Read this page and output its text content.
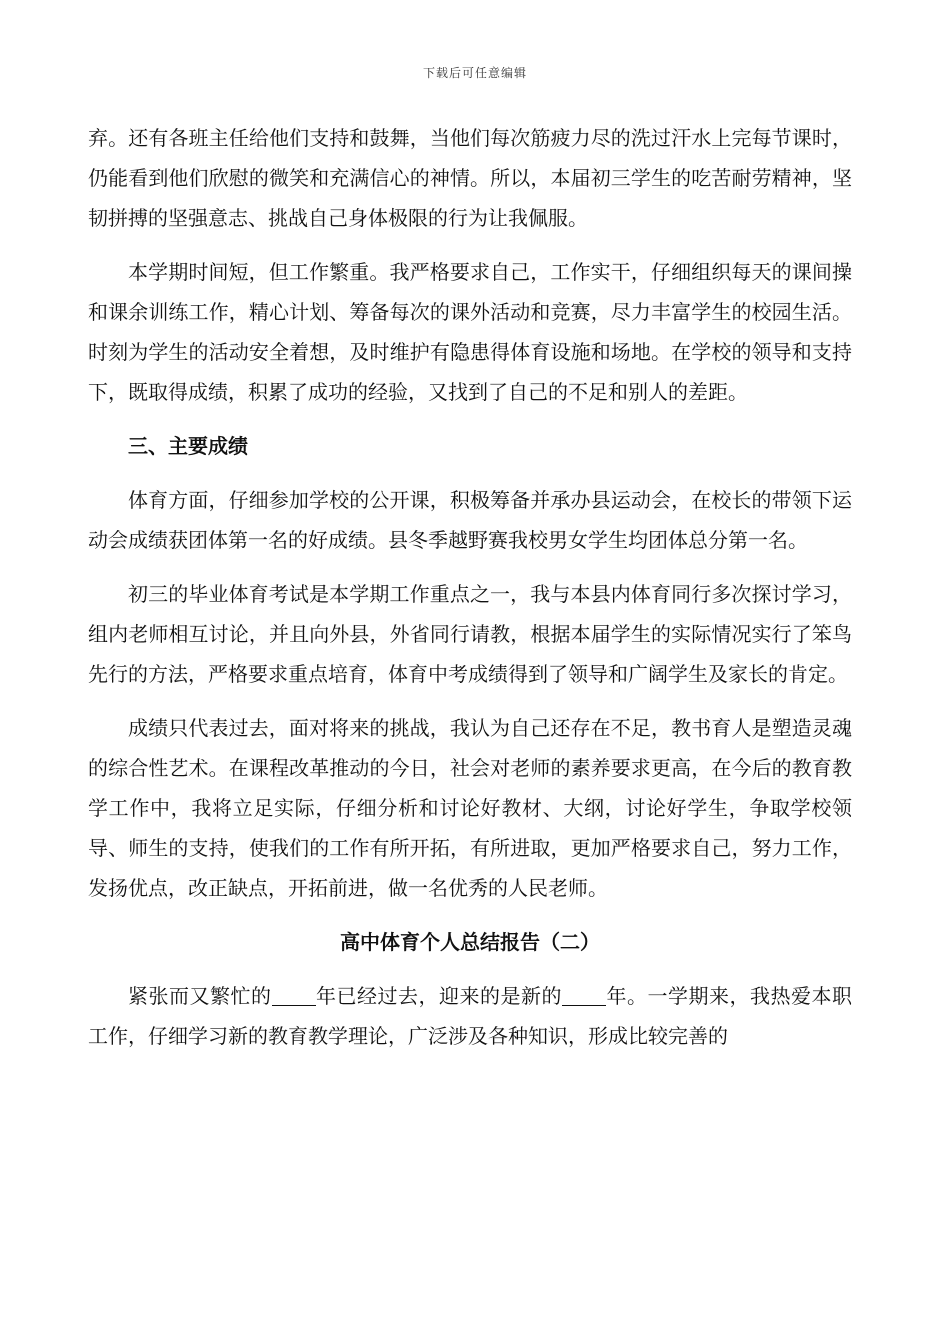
下载后可任意编辑

弃。还有各班主任给他们支持和鼓舞，当他们每次筋疲力尽的洗过汗水上完每节课时，仍能看到他们欣慰的微笑和充满信心的神情。所以，本届初三学生的吃苦耐劳精神，坚韧拼搏的坚强意志、挑战自己身体极限的行为让我佩服。

本学期时间短，但工作繁重。我严格要求自己，工作实干，仔细组织每天的课间操和课余训练工作，精心计划、筹备每次的课外活动和竞赛，尽力丰富学生的校园生活。时刻为学生的活动安全着想，及时维护有隐患得体育设施和场地。在学校的领导和支持下，既取得成绩，积累了成功的经验，又找到了自己的不足和别人的差距。

三、主要成绩

体育方面，仔细参加学校的公开课，积极筹备并承办县运动会，在校长的带领下运动会成绩获团体第一名的好成绩。县冬季越野赛我校男女学生均团体总分第一名。

初三的毕业体育考试是本学期工作重点之一，我与本县内体育同行多次探讨学习，组内老师相互讨论，并且向外县，外省同行请教，根据本届学生的实际情况实行了笨鸟先行的方法，严格要求重点培育，体育中考成绩得到了领导和广阔学生及家长的肯定。

成绩只代表过去，面对将来的挑战，我认为自己还存在不足，教书育人是塑造灵魂的综合性艺术。在课程改革推动的今日，社会对老师的素养要求更高，在今后的教育教学工作中，我将立足实际，仔细分析和讨论好教材、大纲，讨论好学生，争取学校领导、师生的支持，使我们的工作有所开拓，有所进取，更加严格要求自己，努力工作，发扬优点，改正缺点，开拓前进，做一名优秀的人民老师。

高中体育个人总结报告（二）

紧张而又繁忙的 年已经过去，迎来的是新的 年。一学期来，我热爱本职工作，仔细学习新的教育教学理论，广泛涉及各种知识，形成比较完善的
